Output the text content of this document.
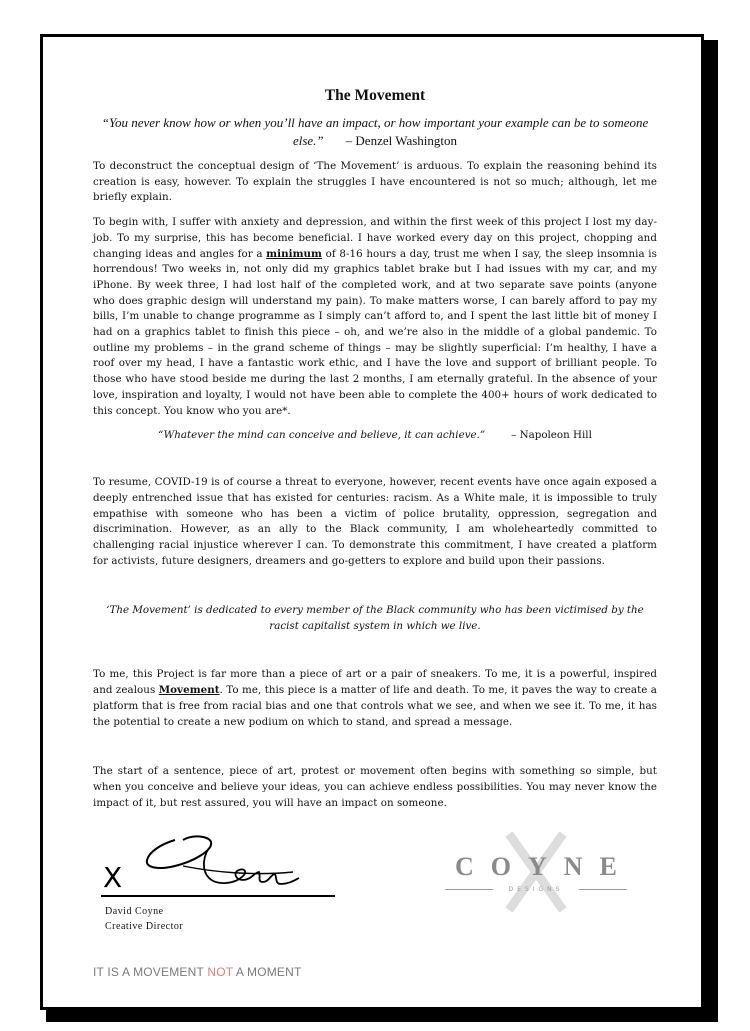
The Movement
“You never know how or when you’ll have an impact, or how important your example can be to someone else.” – Denzel Washington

To deconstruct the conceptual design of ‘The Movement’ is arduous. To explain the reasoning behind its creation is easy, however. To explain the struggles I have encountered is not so much; although, let me briefly explain.

To begin with, I suffer with anxiety and depression, and within the first week of this project I lost my day-job. To my surprise, this has become beneficial. I have worked every day on this project, chopping and changing ideas and angles for a minimum of 8-16 hours a day, trust me when I say, the sleep insomnia is horrendous! Two weeks in, not only did my graphics tablet brake but I had issues with my car, and my iPhone. By week three, I had lost half of the completed work, and at two separate save points (anyone who does graphic design will understand my pain). To make matters worse, I can barely afford to pay my bills, I’m unable to change programme as I simply can’t afford to, and I spent the last little bit of money I had on a graphics tablet to finish this piece – oh, and we’re also in the middle of a global pandemic. To outline my problems – in the grand scheme of things – may be slightly superficial: I’m healthy, I have a roof over my head, I have a fantastic work ethic, and I have the love and support of brilliant people. To those who have stood beside me during the last 2 months, I am eternally grateful. In the absence of your love, inspiration and loyalty, I would not have been able to complete the 400+ hours of work dedicated to this concept. You know who you are*.

“Whatever the mind can conceive and believe, it can achieve.”	– Napoleon Hill

To resume, COVID-19 is of course a threat to everyone, however, recent events have once again exposed a deeply entrenched issue that has existed for centuries: racism. As a White male, it is impossible to truly empathise with someone who has been a victim of police brutality, oppression, segregation and discrimination. However, as an ally to the Black community, I am wholeheartedly committed to challenging racial injustice wherever I can. To demonstrate this commitment, I have created a platform for activists, future designers, dreamers and go-getters to explore and build upon their passions.

‘The Movement’ is dedicated to every member of the Black community who has been victimised by the racist capitalist system in which we live.

To me, this Project is far more than a piece of art or a pair of sneakers. To me, it is a powerful, inspired and zealous Movement. To me, this piece is a matter of life and death. To me, it paves the way to create a platform that is free from racial bias and one that controls what we see, and when we see it. To me, it has the potential to create a new podium on which to stand, and spread a message.

The start of a sentence, piece of art, protest or movement often begins with something so simple, but when you conceive and believe your ideas, you can achieve endless possibilities. You may never know the impact of it, but rest assured, you will have an impact on someone.

X
David Coyne
Creative Director
COYNE
DESIGNS
IT IS A MOVEMENT NOT A MOMENT
